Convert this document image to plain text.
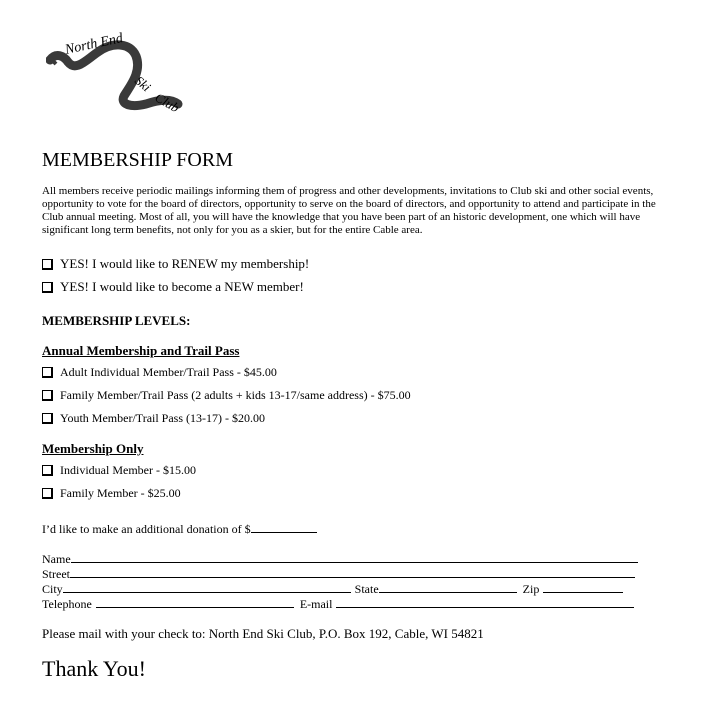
North End
Ski
Club
MEMBERSHIP FORM

All members receive periodic mailings informing them of progress and other developments, invitations to Club ski and other social events, opportunity to vote for the board of directors, opportunity to serve on the board of directors, and opportunity to attend and participate in the Club annual meeting. Most of all, you will have the knowledge that you have been part of an historic development, one which will have significant long term benefits, not only for you as a skier, but for the entire Cable area.

YES! I would like to RENEW my membership!
YES! I would like to become a NEW member!
MEMBERSHIP LEVELS:
Annual Membership and Trail Pass
Adult Individual Member/Trail Pass - $45.00
Family Member/Trail Pass (2 adults + kids 13-17/same address) - $75.00
Youth Member/Trail Pass (13-17) - $20.00
Membership Only
Individual Member - $15.00
Family Member - $25.00
I’d like to make an additional donation of $
Name
Street
City	State	Zip
Telephone	E-mail
Please mail with your check to: North End Ski Club, P.O. Box 192, Cable, WI 54821
Thank You!
